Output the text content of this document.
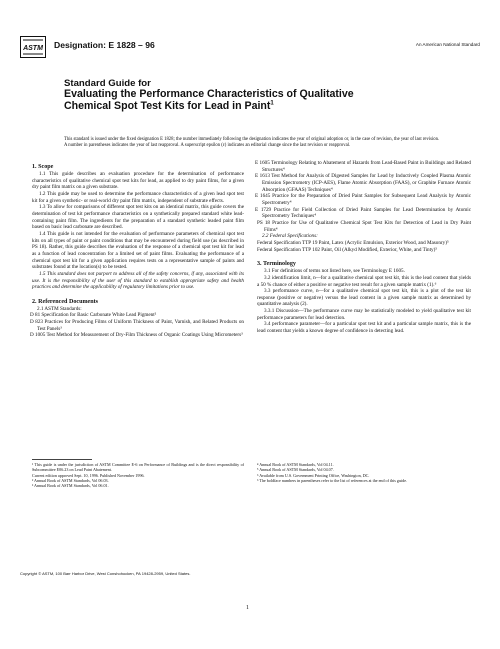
ASTM Designation: E 1828 – 96	An American National Standard
Standard Guide for
Evaluating the Performance Characteristics of Qualitative
Chemical Spot Test Kits for Lead in Paint$^1$
This standard is issued under the fixed designation E 1828; the number immediately following the designation indicates the year of original adoption or, in the case of revision, the year of last revision. A number in parentheses indicates the year of last reapproval. A superscript epsilon (ε) indicates an editorial change since the last revision or reapproval.

1. Scope

1.1 This guide describes an evaluation procedure for the determination of performance characteristics of qualitative chemical spot test kits for lead, as applied to dry paint films, for a given dry paint film matrix on a given substrate.

1.2 This guide may be used to determine the performance characteristics of a given lead spot test kit for a given synthetic- or real-world dry paint film matrix, independent of substrate effects.

1.3 To allow for comparisons of different spot test kits on an identical matrix, this guide covers the determination of test kit performance characteristics on a synthetically prepared standard white lead-containing paint film. The ingredients for the preparation of a standard synthetic leaded paint film based on basic lead carbonate are described.

1.4 This guide is not intended for the evaluation of performance parameters of chemical spot test kits on all types of paint or paint conditions that may be encountered during field use (as described in PS 18). Rather, this guide describes the evaluation of the response of a chemical spot test kit for lead as a function of lead concentration for a limited set of paint films. Evaluating the performance of a chemical spot test kit for a given application requires tests on a representative sample of paints and substrates found at the location(s) to be tested.

1.5 This standard does not purport to address all of the safety concerns, if any, associated with its use. It is the responsibility of the user of this standard to establish appropriate safety and health practices and determine the applicability of regulatory limitations prior to use.

2. Referenced Documents

2.1 ASTM Standards:

D 81 Specification for Basic Carbonate White Lead Pigment²

D 823 Practices for Producing Films of Uniform Thickness of Paint, Varnish, and Related Products on Test Panels³

D 1005 Test Method for Measurement of Dry-Film Thickness of Organic Coatings Using Micrometers³

E 1605 Terminology Relating to Abatement of Hazards from Lead-Based Paint in Buildings and Related Structures⁴

E 1613 Test Method for Analysis of Digested Samples for Lead by Inductively Coupled Plasma Atomic Emission Spectrometry (ICP-AES), Flame Atomic Absorption (FAAS), or Graphite Furnace Atomic Absorption (GFAAS) Techniques⁴

E 1645 Practice for the Preparation of Dried Paint Samples for Subsequent Lead Analysis by Atomic Spectrometry⁴

E 1729 Practice for Field Collection of Dried Paint Samples for Lead Determination by Atomic Spectrometry Techniques⁴

PS 18 Practice for Use of Qualitative Chemical Spot Test Kits for Detection of Lead in Dry Paint Films⁴

2.2 Federal Specifications:

Federal Specification TTP 19 Paint, Latex (Acrylic Emulsion, Exterior Wood, and Masonry)⁵

Federal Specification TTP 102 Paint, Oil (Alkyd Modified, Exterior, White, and Tinty)⁵

3. Terminology

3.1 For definitions of terms not listed here, see Terminology E 1605.

3.2 identification limit, n—for a qualitative chemical spot test kit, this is the lead content that yields a 50 % chance of either a positive or negative test result for a given sample matrix (1).⁶

3.3 performance curve, n—for a qualitative chemical spot test kit, this is a plot of the test kit response (positive or negative) versus the lead content in a given sample matrix as determined by quantitative analysis (2).

3.3.1 Discussion—The performance curve may be statistically modeled to yield qualitative test kit performance parameters for lead detection.

3.4 performance parameter—for a particular spot test kit and a particular sample matrix, this is the lead content that yields a known degree of confidence in detecting lead.

¹ This guide is under the jurisdiction of ASTM Committee E-6 on Performance of Buildings and is the direct responsibility of Subcommittee E06.23 on Lead Paint Abatement.

Current edition approved Sept. 10, 1996. Published November 1996.

² Annual Book of ASTM Standards, Vol 06.03.

³ Annual Book of ASTM Standards, Vol 06.01.

⁴ Annual Book of ASTM Standards, Vol 04.11.

⁵ Annual Book of ASTM Standards, Vol 04.07.

⁶ Available from U.S. Government Printing Office, Washington, DC.

⁶ The boldface numbers in parentheses refer to the list of references at the end of this guide.

Copyright © ASTM, 100 Barr Harbor Drive, West Conshohocken, PA 19428-2959, United States.
1
